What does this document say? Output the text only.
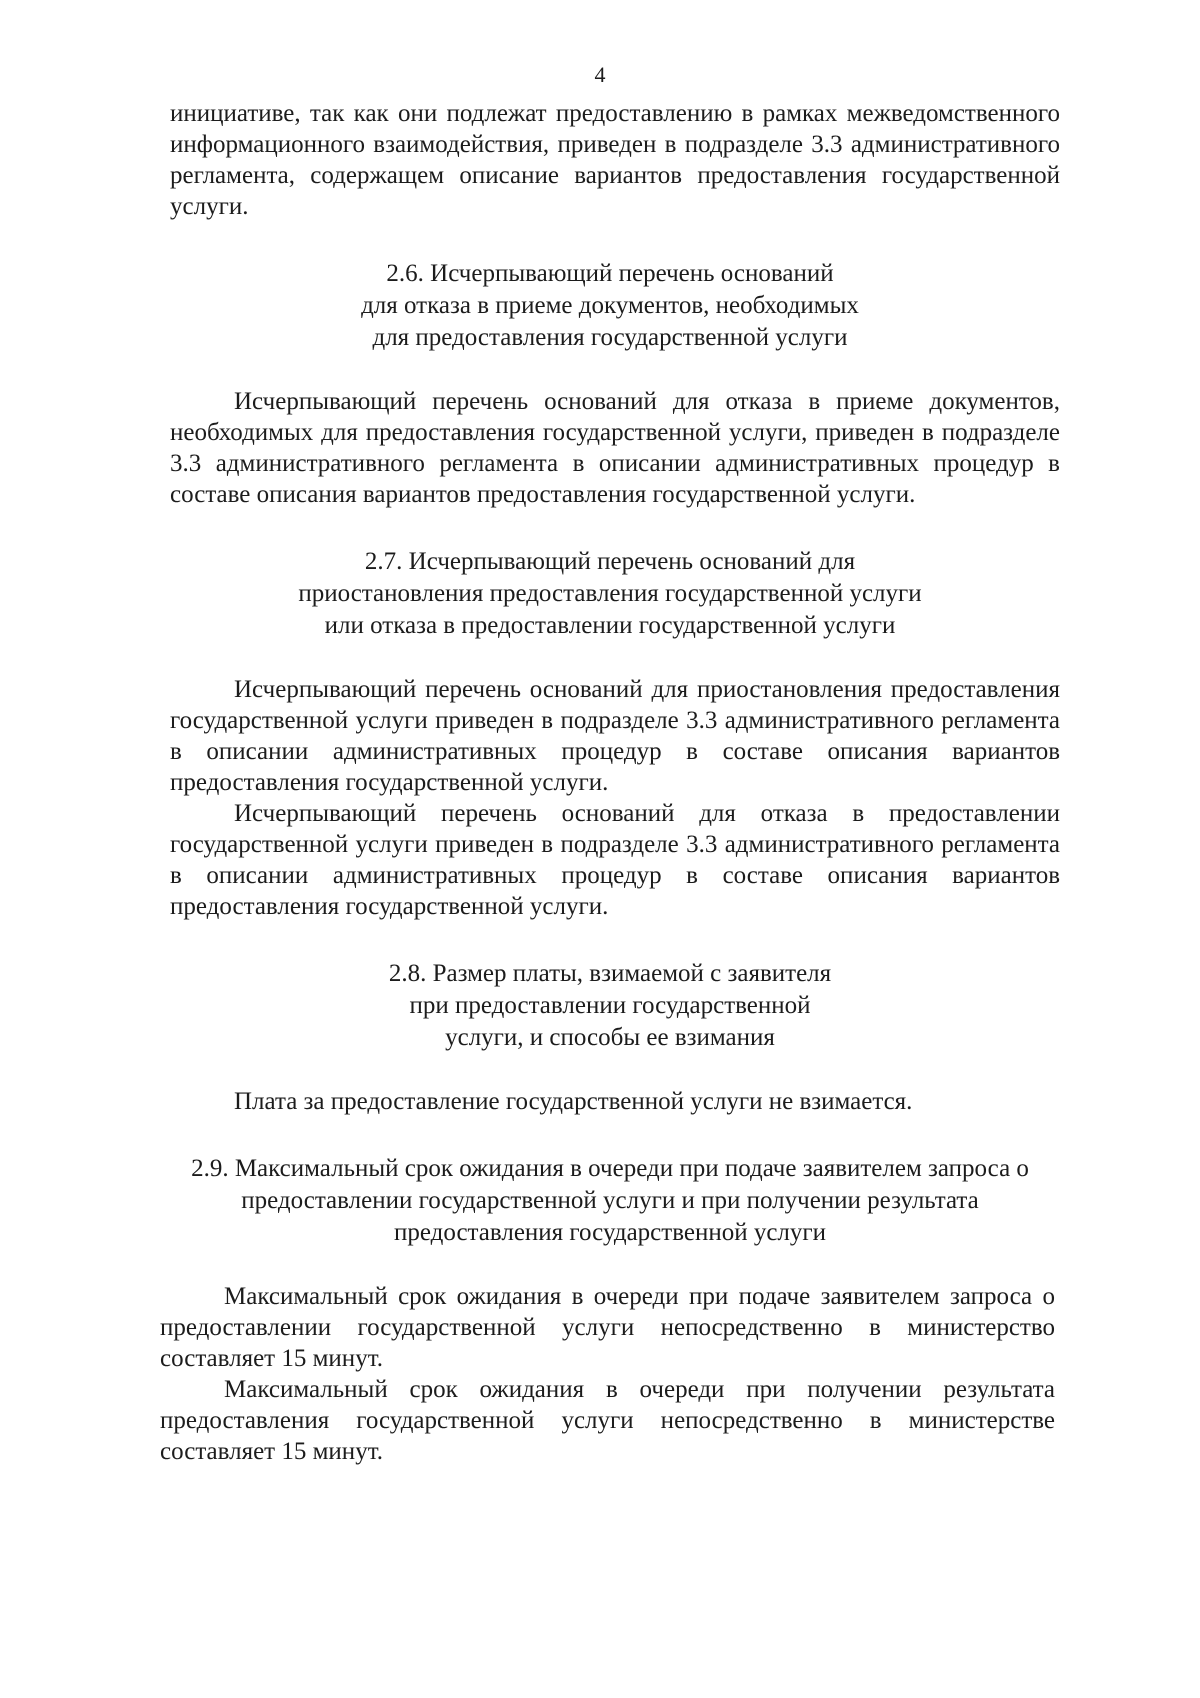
4

инициативе, так как они подлежат предоставлению в рамках межведомственного информационного взаимодействия, приведен в подразделе 3.3 административного регламента, содержащем описание вариантов предоставления государственной услуги.

2.6. Исчерпывающий перечень оснований
для отказа в приеме документов, необходимых
для предоставления государственной услуги

Исчерпывающий перечень оснований для отказа в приеме документов, необходимых для предоставления государственной услуги, приведен в подразделе 3.3 административного регламента в описании административных процедур в составе описания вариантов предоставления государственной услуги.

2.7. Исчерпывающий перечень оснований для
приостановления предоставления государственной услуги
или отказа в предоставлении государственной услуги

Исчерпывающий перечень оснований для приостановления предоставления государственной услуги приведен в подразделе 3.3 административного регламента в описании административных процедур в составе описания вариантов предоставления государственной услуги.

Исчерпывающий перечень оснований для отказа в предоставлении государственной услуги приведен в подразделе 3.3 административного регламента в описании административных процедур в составе описания вариантов предоставления государственной услуги.

2.8. Размер платы, взимаемой с заявителя
при предоставлении государственной
услуги, и способы ее взимания

Плата за предоставление государственной услуги не взимается.

2.9. Максимальный срок ожидания в очереди при подаче заявителем запроса о
предоставлении государственной услуги и при получении результата
предоставления государственной услуги

Максимальный срок ожидания в очереди при подаче заявителем запроса о предоставлении государственной услуги непосредственно в министерство составляет 15 минут.

Максимальный срок ожидания в очереди при получении результата предоставления государственной услуги непосредственно в министерстве составляет 15 минут.
